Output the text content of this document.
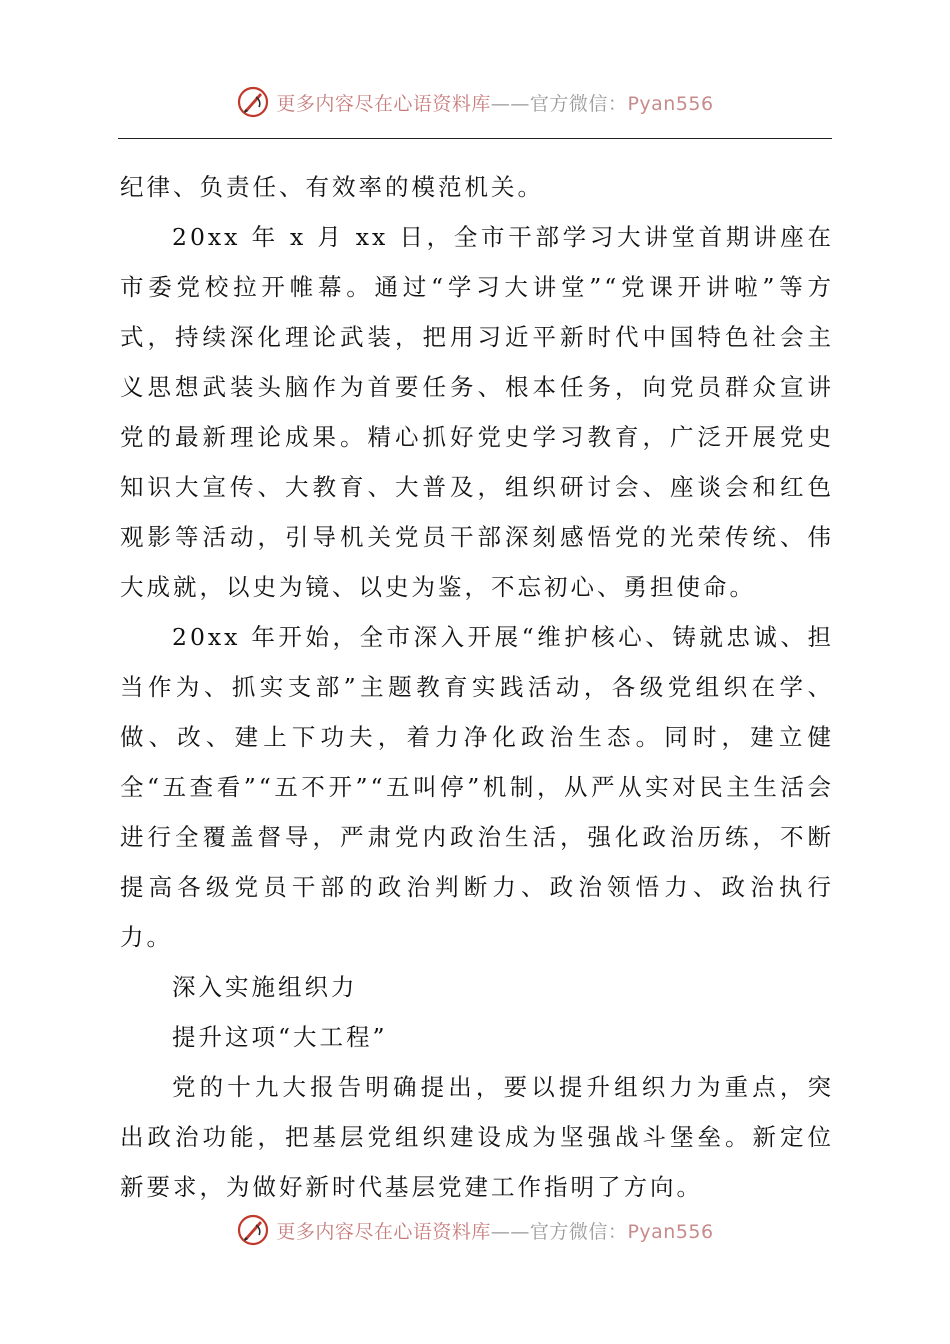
更多内容尽在心语资料库——官方微信：Pyan556

纪律、负责任、有效率的模范机关。

20xx 年 x 月 xx 日，全市干部学习大讲堂首期讲座在市委党校拉开帷幕。通过“学习大讲堂”“党课开讲啦”等方式，持续深化理论武装，把用习近平新时代中国特色社会主义思想武装头脑作为首要任务、根本任务，向党员群众宣讲党的最新理论成果。精心抓好党史学习教育，广泛开展党史知识大宣传、大教育、大普及，组织研讨会、座谈会和红色观影等活动，引导机关党员干部深刻感悟党的光荣传统、伟大成就，以史为镜、以史为鉴，不忘初心、勇担使命。

20xx 年开始，全市深入开展“维护核心、铸就忠诚、担当作为、抓实支部”主题教育实践活动，各级党组织在学、做、改、建上下功夫，着力净化政治生态。同时，建立健全“五查看”“五不开”“五叫停”机制，从严从实对民主生活会进行全覆盖督导，严肃党内政治生活，强化政治历练，不断提高各级党员干部的政治判断力、政治领悟力、政治执行力。

深入实施组织力

提升这项“大工程”

党的十九大报告明确提出，要以提升组织力为重点，突出政治功能，把基层党组织建设成为坚强战斗堡垒。新定位新要求，为做好新时代基层党建工作指明了方向。

更多内容尽在心语资料库——官方微信：Pyan556
